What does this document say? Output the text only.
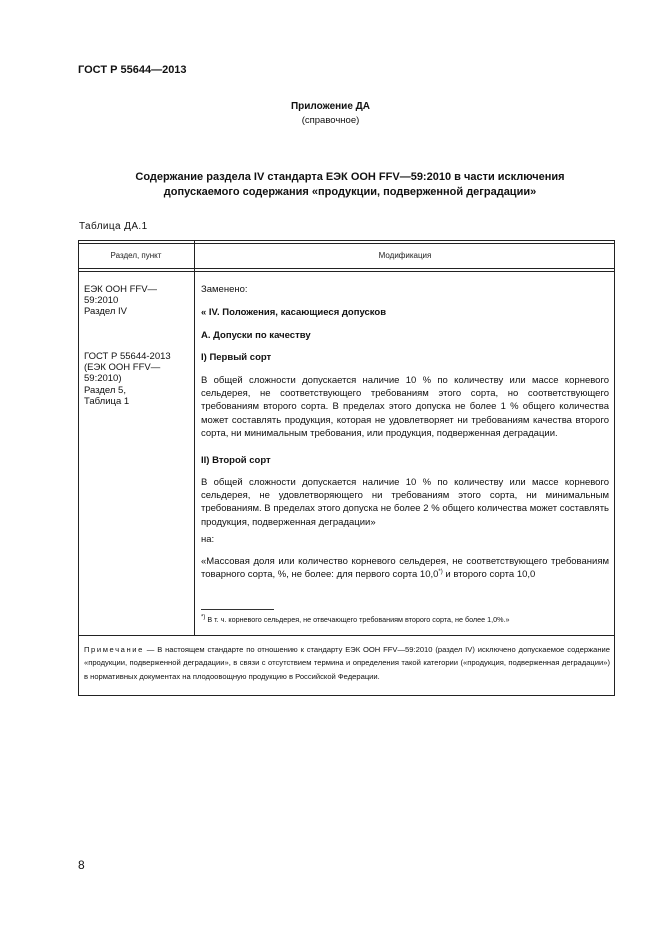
ГОСТ Р 55644—2013
Приложение ДА
(справочное)
Содержание раздела IV стандарта ЕЭК ООН FFV—59:2010 в части исключения
допускаемого содержания «продукции, подверженной деградации»
Таблица ДА.1
Раздел, пункт	Модификация
ЕЭК ООН FFV—
59:2010
Раздел IV
ГОСТ Р 55644-2013
(ЕЭК ООН FFV—
59:2010)
Раздел 5,
Таблица 1
Заменено:
« IV. Положения, касающиеся допусков
А. Допуски по качеству
I) Первый сорт
В общей сложности допускается наличие 10 % по количеству или массе корневого сельдерея, не соответствующего требованиям этого сорта, но соответствующего требованиям второго сорта. В пределах этого допуска не более 1 % общего количества может составлять продукция, которая не удовлетворяет ни требованиям качества второго сорта, ни минимальным требования, или продукция, подверженная деградации.
II) Второй сорт
В общей сложности допускается наличие 10 % по количеству или массе корневого сельдерея, не удовлетворяющего ни требованиям этого сорта, ни минимальным требованиям. В пределах этого допуска не более 2 % общего количества может составлять продукция, подверженная деградации»
на:
«Массовая доля или количество корневого сельдерея, не соответствующего требованиям товарного сорта, %, не более: для первого сорта 10,0*) и второго сорта 10,0
*) В т. ч. корневого сельдерея, не отвечающего требованиям второго сорта, не более 1,0%.»
Примечание — В настоящем стандарте по отношению к стандарту ЕЭК ООН FFV—59:2010 (раздел IV) исключено допускаемое содержание «продукции, подверженной деградации», в связи с отсутствием термина и определения такой категории («продукция, подверженная деградации») в нормативных документах на плодоовощную продукцию в Российской Федерации.
8
